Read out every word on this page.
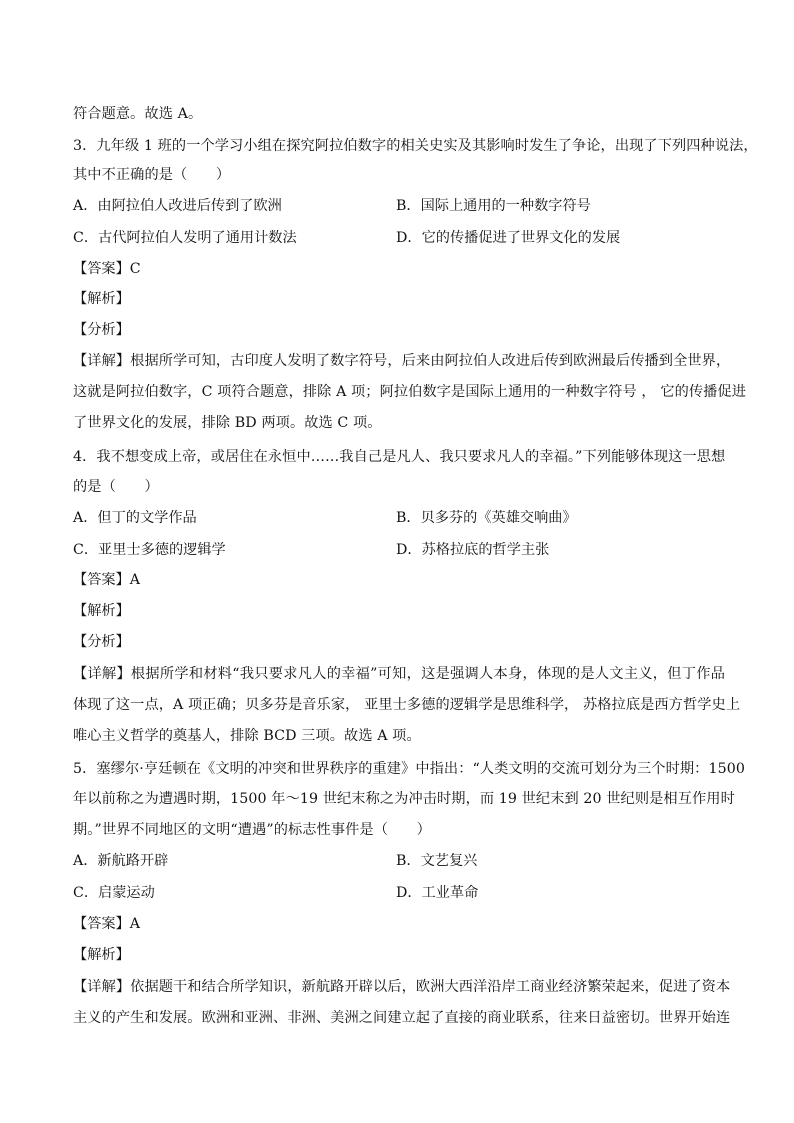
符合题意。故选 A。
3．九年级 1 班的一个学习小组在探究阿拉伯数字的相关史实及其影响时发生了争论，出现了下列四种说法，
其中不正确的是（　　）
A．由阿拉伯人改进后传到了欧洲	B．国际上通用的一种数字符号
C．古代阿拉伯人发明了通用计数法	D．它的传播促进了世界文化的发展
【答案】C
【解析】
【分析】
【详解】根据所学可知，古印度人发明了数字符号，后来由阿拉伯人改进后传到欧洲最后传播到全世界，
这就是阿拉伯数字，C 项符合题意，排除 A 项；阿拉伯数字是国际上通用的一种数字符号 ， 它的传播促进
了世界文化的发展，排除 BD 两项。故选 C 项。
4．我不想变成上帝，或居住在永恒中……我自己是凡人、我只要求凡人的幸福。”下列能够体现这一思想
的是（　　）
A．但丁的文学作品	B．贝多芬的《英雄交响曲》
C．亚里士多德的逻辑学	D．苏格拉底的哲学主张
【答案】A
【解析】
【分析】
【详解】根据所学和材料“我只要求凡人的幸福”可知，这是强调人本身，体现的是人文主义，但丁作品
体现了这一点，A 项正确；贝多芬是音乐家， 亚里士多德的逻辑学是思维科学， 苏格拉底是西方哲学史上
唯心主义哲学的奠基人，排除 BCD 三项。故选 A 项。
5．塞缪尔·亨廷顿在《文明的冲突和世界秩序的重建》中指出：“人类文明的交流可划分为三个时期：1500
年以前称之为遭遇时期，1500 年～19 世纪末称之为冲击时期，而 19 世纪末到 20 世纪则是相互作用时
期。”世界不同地区的文明“遭遇”的标志性事件是（　　）
A．新航路开辟	B．文艺复兴
C．启蒙运动	D．工业革命
【答案】A
【解析】
【详解】依据题干和结合所学知识，新航路开辟以后，欧洲大西洋沿岸工商业经济繁荣起来，促进了资本
主义的产生和发展。欧洲和亚洲、非洲、美洲之间建立起了直接的商业联系，往来日益密切。世界开始连
